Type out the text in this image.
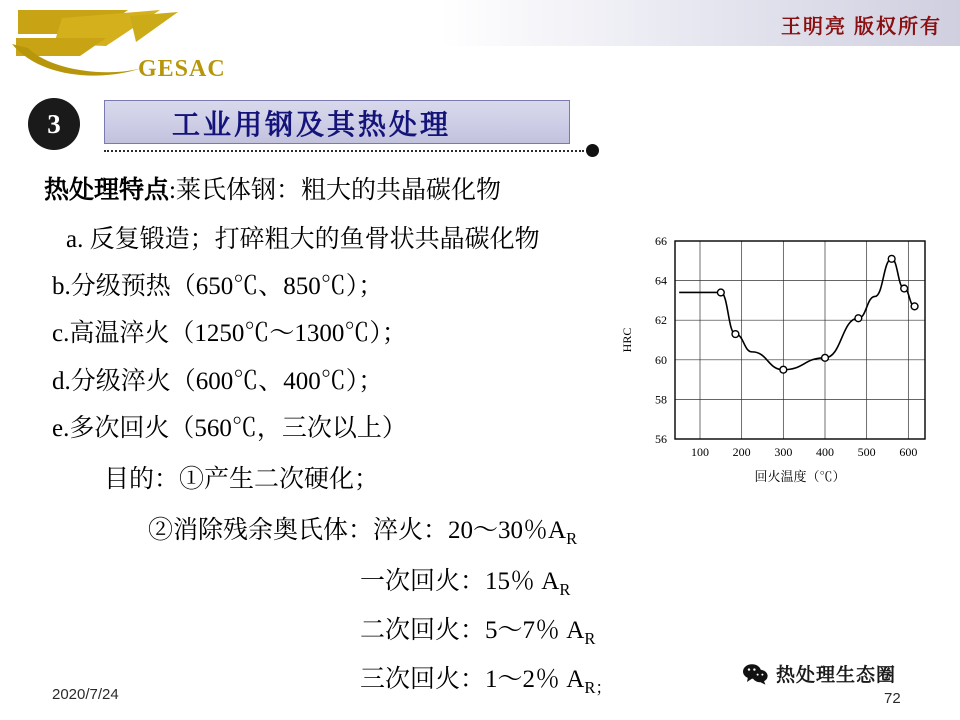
GESAC
王明亮 版权所有
3	工业用钢及其热处理
热处理特点:莱氏体钢：粗大的共晶碳化物
a. 反复锻造；打碎粗大的鱼骨状共晶碳化物
b.分级预热（650℃、850℃）；
c.高温淬火（1250℃～1300℃）；
d.分级淬火（600℃、400℃）；
e.多次回火（560℃，三次以上）
目的：①产生二次硬化；
②消除残余奥氏体：淬火：20～30％$A_R$
一次回火：15％ $A_R$
二次回火：5～7％ $A_R$
三次回火：1～2％ $A_{R;}$
100 200 300 400 500 600
56
58
60
62
64
66
回火温度（℃）
HRC
2020/7/24	72
热处理生态圈
